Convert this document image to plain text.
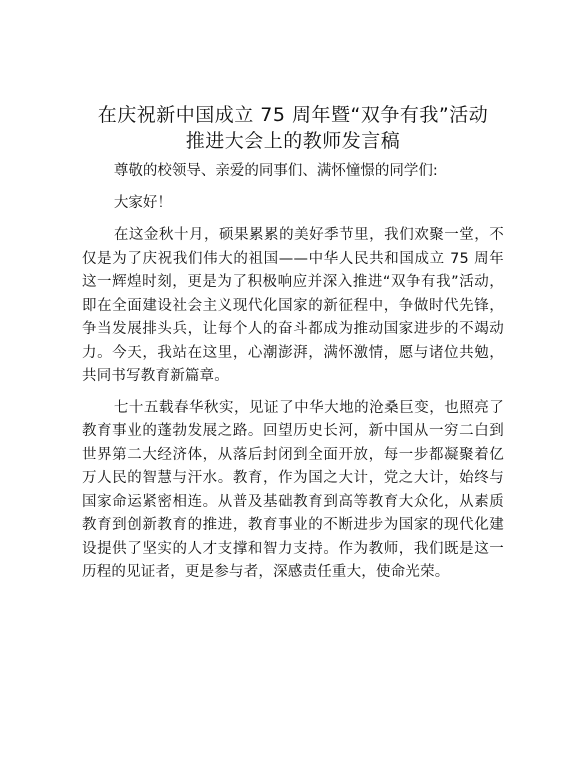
在庆祝新中国成立 75 周年暨“双争有我”活动
推进大会上的教师发言稿

尊敬的校领导、亲爱的同事们、满怀憧憬的同学们:

大家好！

在这金秋十月，硕果累累的美好季节里，我们欢聚一堂，不仅是为了庆祝我们伟大的祖国——中华人民共和国成立 75 周年这一辉煌时刻，更是为了积极响应并深入推进“双争有我”活动，即在全面建设社会主义现代化国家的新征程中，争做时代先锋，争当发展排头兵，让每个人的奋斗都成为推动国家进步的不竭动力。今天，我站在这里，心潮澎湃，满怀激情，愿与诸位共勉，共同书写教育新篇章。

七十五载春华秋实，见证了中华大地的沧桑巨变，也照亮了教育事业的蓬勃发展之路。回望历史长河，新中国从一穷二白到世界第二大经济体，从落后封闭到全面开放，每一步都凝聚着亿万人民的智慧与汗水。教育，作为国之大计，党之大计，始终与国家命运紧密相连。从普及基础教育到高等教育大众化，从素质教育到创新教育的推进，教育事业的不断进步为国家的现代化建设提供了坚实的人才支撑和智力支持。作为教师，我们既是这一历程的见证者，更是参与者，深感责任重大，使命光荣。
